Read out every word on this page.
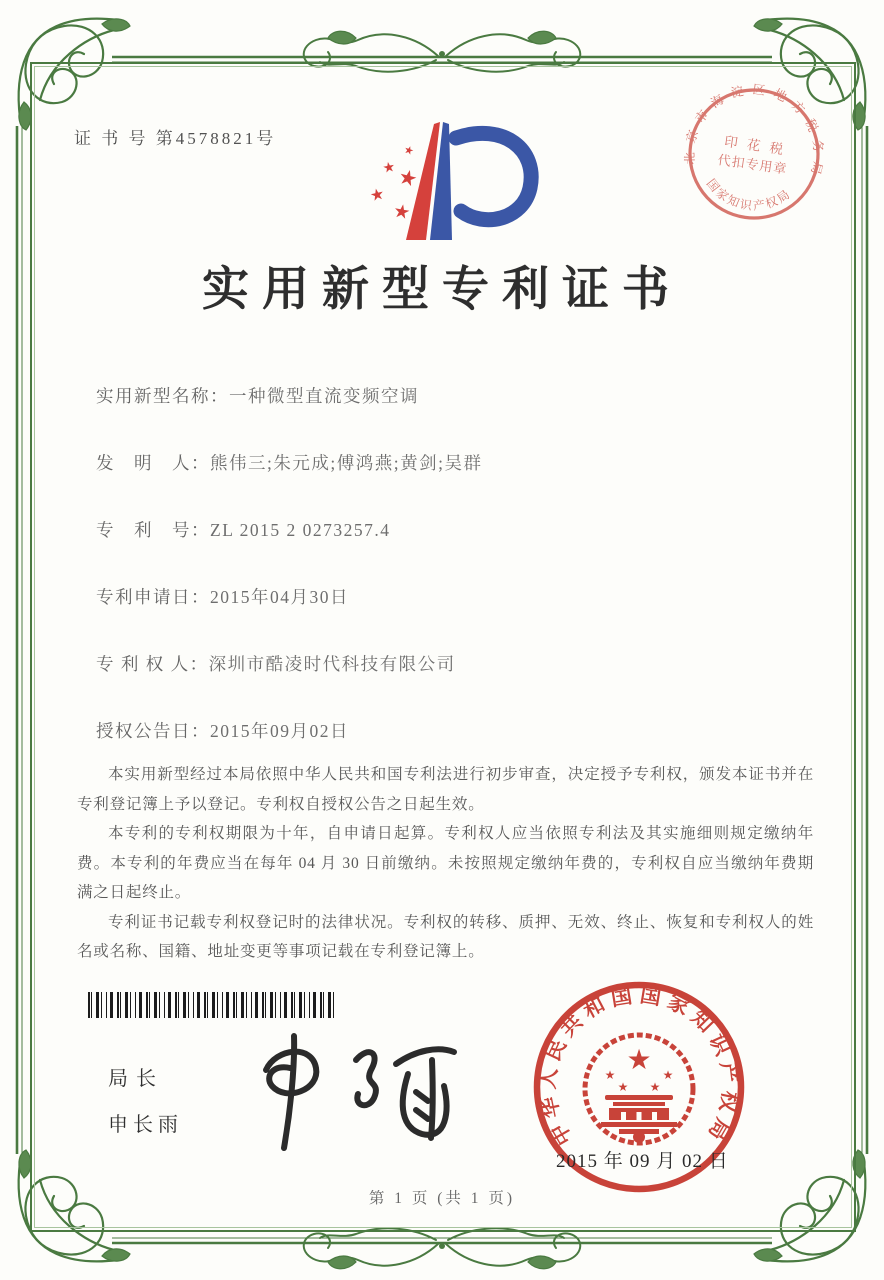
证 书 号 第4578821号
★
★ ★
★
★
北京市海淀区地方税务局
国家知识产权局
印 花 税
代扣专用章
实用新型专利证书
实用新型名称：一种微型直流变频空调
发　明　人：熊伟三;朱元成;傅鸿燕;黄剑;吴群
专　利　号：ZL 2015 2 0273257.4
专利申请日：2015年04月30日
专 利 权 人：深圳市酷凌时代科技有限公司
授权公告日：2015年09月02日

本实用新型经过本局依照中华人民共和国专利法进行初步审查，决定授予专利权，颁发本证书并在专利登记簿上予以登记。专利权自授权公告之日起生效。

本专利的专利权期限为十年，自申请日起算。专利权人应当依照专利法及其实施细则规定缴纳年费。本专利的年费应当在每年 04 月 30 日前缴纳。未按照规定缴纳年费的，专利权自应当缴纳年费期满之日起终止。

专利证书记载专利权登记时的法律状况。专利权的转移、质押、无效、终止、恢复和专利权人的姓名或名称、国籍、地址变更等事项记载在专利登记簿上。

局长
申长雨	中华人民共和国国家知识产权局
★
★	★
★ ★
2015 年 09 月 02 日
第 1 页 (共 1 页)
